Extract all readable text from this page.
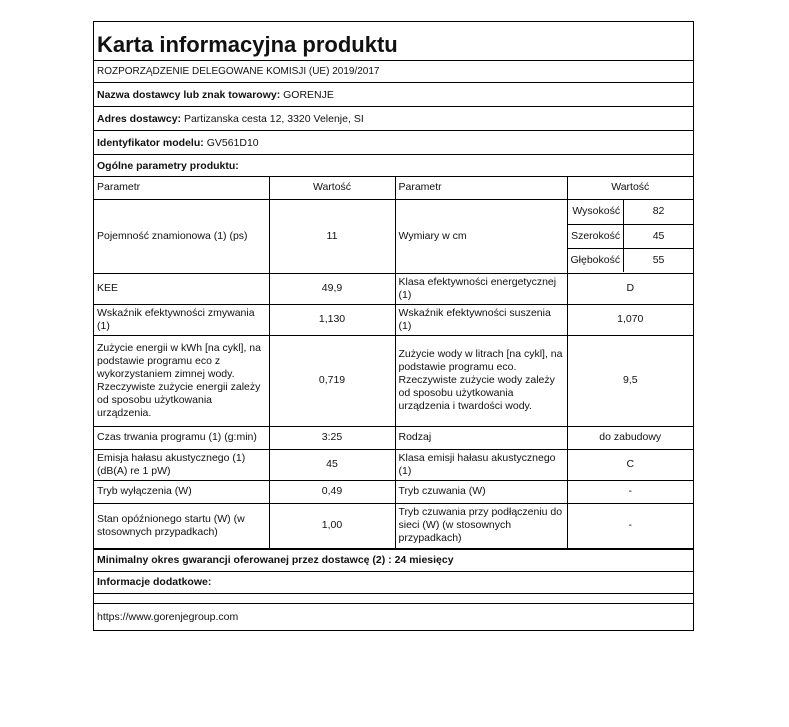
Karta informacyjna produktu
ROZPORZĄDZENIE DELEGOWANE KOMISJI (UE) 2019/2017
Nazwa dostawcy lub znak towarowy:
GORENJE
Adres dostawcy:
Partizanska cesta 12, 3320 Velenje, SI
Identyfikator modelu:
GV561D10
Ogólne parametry produktu:
Parametr	Wartość	Parametr	Wartość
Pojemność znamionowa (1) (ps)	11	Wymiary w cm	
Wysokość	82
Szerokość	45
Głębokość	55

KEE	49,9	Klasa efektywności energetycznej (1)	D
Wskaźnik efektywności zmywania (1)	1,130	Wskaźnik efektywności suszenia (1)	1,070
Zużycie energii w kWh [na cykl], na podstawie programu eco z wykorzystaniem zimnej wody. Rzeczywiste zużycie energii zależy od sposobu użytkowania urządzenia.	0,719	Zużycie wody w litrach [na cykl], na podstawie programu eco. Rzeczywiste zużycie wody zależy od sposobu użytkowania urządzenia i twardości wody.	9,5
Czas trwania programu (1) (g:min)	3:25	Rodzaj	do zabudowy
Emisja hałasu akustycznego (1) (dB(A) re 1 pW)	45	Klasa emisji hałasu akustycznego (1)	C
Tryb wyłączenia (W)	0,49	Tryb czuwania (W)	-
Stan opóźnionego startu (W) (w stosownych przypadkach)	1,00	Tryb czuwania przy podłączeniu do sieci (W) (w stosownych przypadkach)	-
Minimalny okres gwarancji oferowanej przez dostawcę (2) :
24 miesięcy
Informacje dodatkowe:
https://www.gorenjegroup.com
